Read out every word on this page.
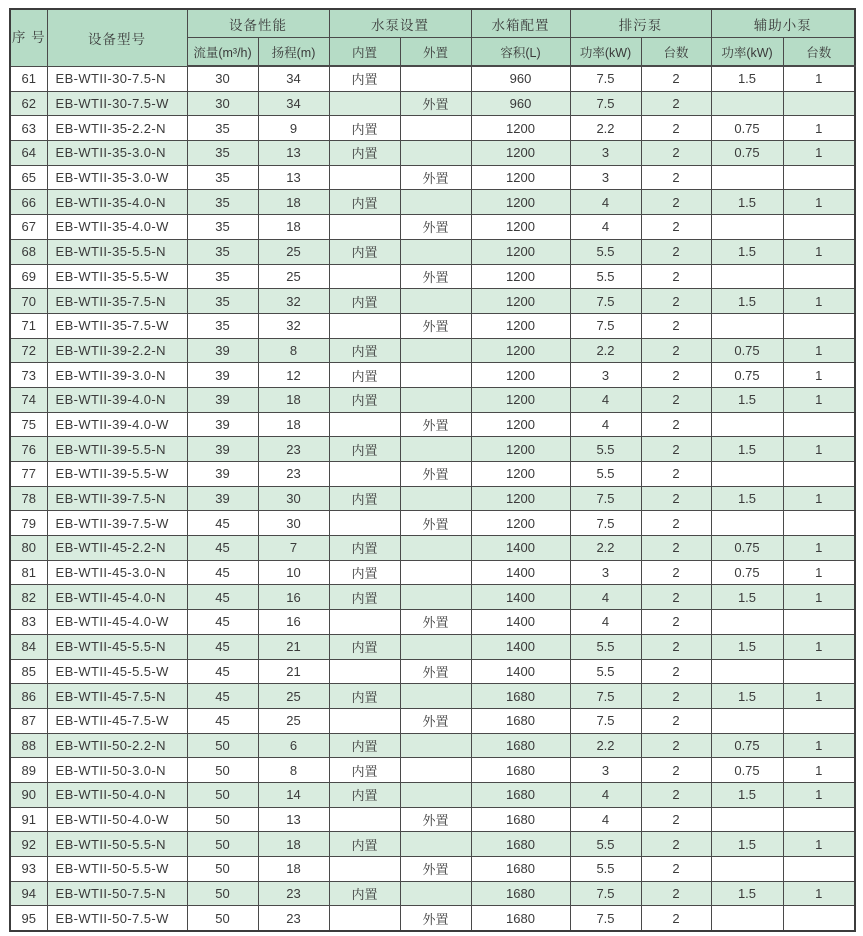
序 号	设备型号	设备性能		水泵设置		水箱配置	排污泵		辅助小泵	
		流量(m³/h)	扬程(m)	内置	外置	容积(L)	功率(kW)	台数	功率(kW)	台数
61	EB-WTII-30-7.5-N	30	34	内置		960	7.5	2	1.5	1
62	EB-WTII-30-7.5-W	30	34		外置	960	7.5	2		
63	EB-WTII-35-2.2-N	35	9	内置		1200	2.2	2	0.75	1
64	EB-WTII-35-3.0-N	35	13	内置		1200	3	2	0.75	1
65	EB-WTII-35-3.0-W	35	13		外置	1200	3	2		
66	EB-WTII-35-4.0-N	35	18	内置		1200	4	2	1.5	1
67	EB-WTII-35-4.0-W	35	18		外置	1200	4	2		
68	EB-WTII-35-5.5-N	35	25	内置		1200	5.5	2	1.5	1
69	EB-WTII-35-5.5-W	35	25		外置	1200	5.5	2		
70	EB-WTII-35-7.5-N	35	32	内置		1200	7.5	2	1.5	1
71	EB-WTII-35-7.5-W	35	32		外置	1200	7.5	2		
72	EB-WTII-39-2.2-N	39	8	内置		1200	2.2	2	0.75	1
73	EB-WTII-39-3.0-N	39	12	内置		1200	3	2	0.75	1
74	EB-WTII-39-4.0-N	39	18	内置		1200	4	2	1.5	1
75	EB-WTII-39-4.0-W	39	18		外置	1200	4	2		
76	EB-WTII-39-5.5-N	39	23	内置		1200	5.5	2	1.5	1
77	EB-WTII-39-5.5-W	39	23		外置	1200	5.5	2		
78	EB-WTII-39-7.5-N	39	30	内置		1200	7.5	2	1.5	1
79	EB-WTII-39-7.5-W	45	30		外置	1200	7.5	2		
80	EB-WTII-45-2.2-N	45	7	内置		1400	2.2	2	0.75	1
81	EB-WTII-45-3.0-N	45	10	内置		1400	3	2	0.75	1
82	EB-WTII-45-4.0-N	45	16	内置		1400	4	2	1.5	1
83	EB-WTII-45-4.0-W	45	16		外置	1400	4	2		
84	EB-WTII-45-5.5-N	45	21	内置		1400	5.5	2	1.5	1
85	EB-WTII-45-5.5-W	45	21		外置	1400	5.5	2		
86	EB-WTII-45-7.5-N	45	25	内置		1680	7.5	2	1.5	1
87	EB-WTII-45-7.5-W	45	25		外置	1680	7.5	2		
88	EB-WTII-50-2.2-N	50	6	内置		1680	2.2	2	0.75	1
89	EB-WTII-50-3.0-N	50	8	内置		1680	3	2	0.75	1
90	EB-WTII-50-4.0-N	50	14	内置		1680	4	2	1.5	1
91	EB-WTII-50-4.0-W	50	13		外置	1680	4	2		
92	EB-WTII-50-5.5-N	50	18	内置		1680	5.5	2	1.5	1
93	EB-WTII-50-5.5-W	50	18		外置	1680	5.5	2		
94	EB-WTII-50-7.5-N	50	23	内置		1680	7.5	2	1.5	1
95	EB-WTII-50-7.5-W	50	23		外置	1680	7.5	2		
